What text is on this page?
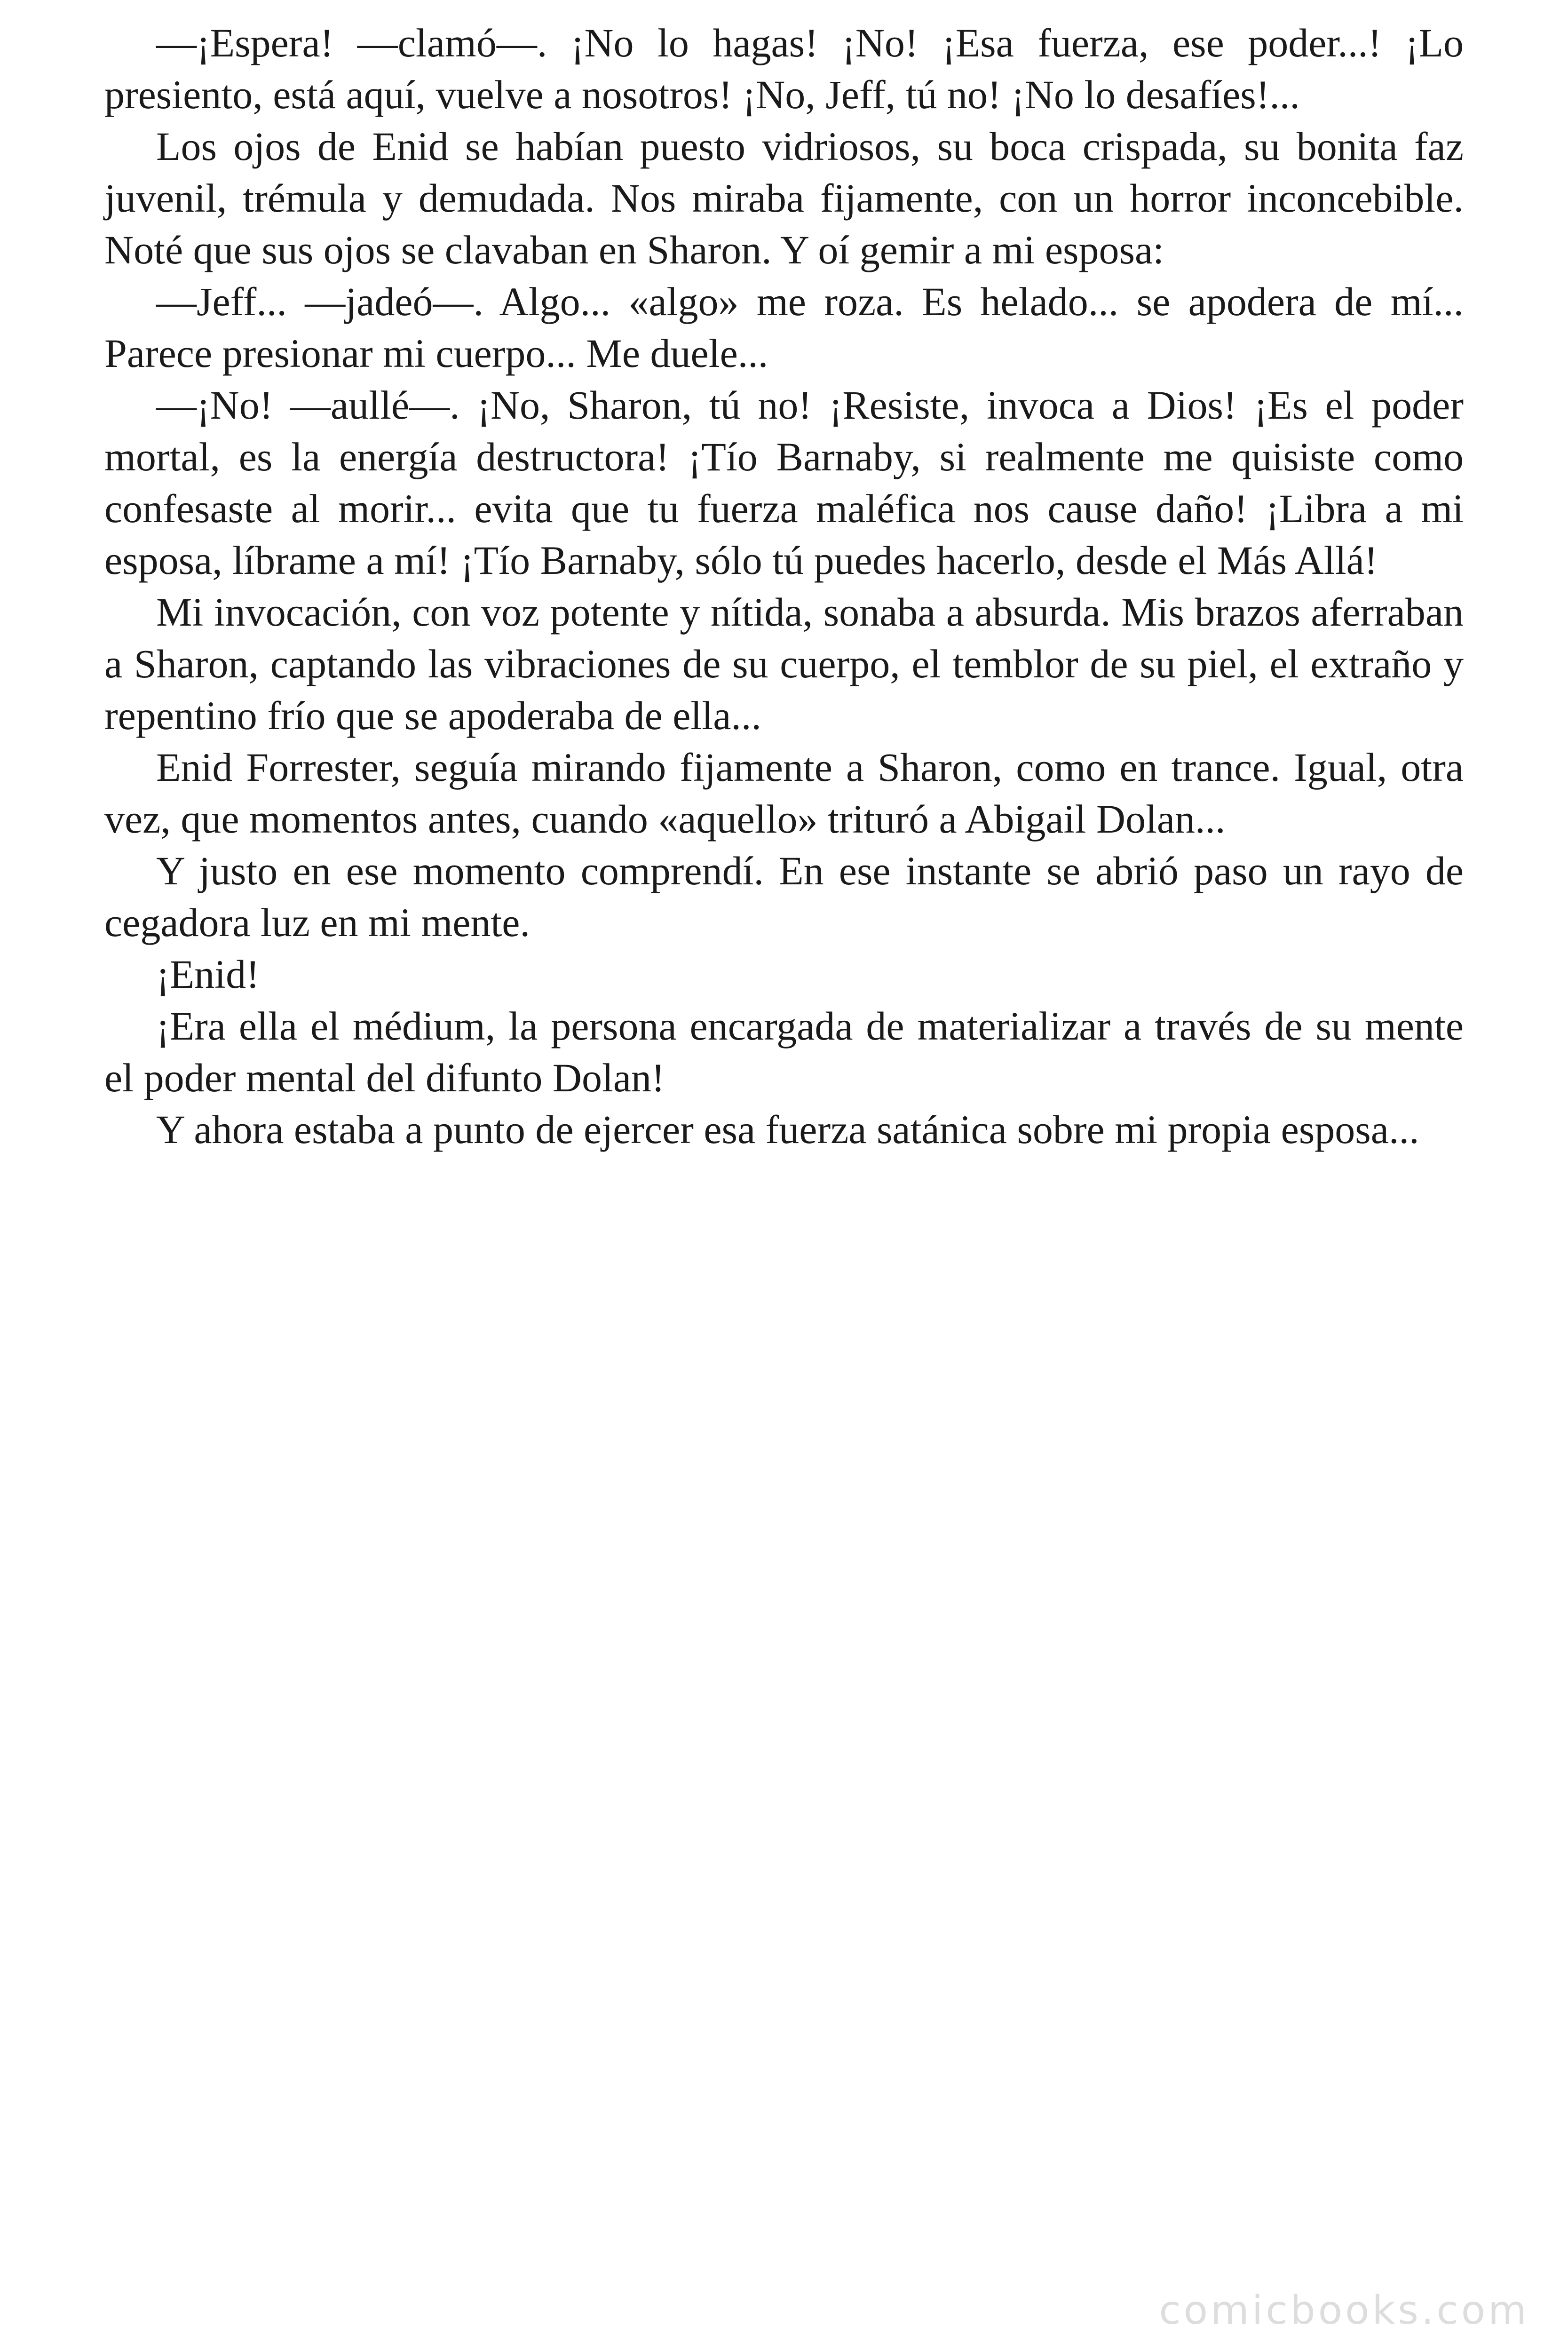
—¡Espera! —clamó—. ¡No lo hagas! ¡No! ¡Esa fuerza, ese poder...! ¡Lo presiento, está aquí, vuelve a nosotros! ¡No, Jeff, tú no! ¡No lo desafíes!...

Los ojos de Enid se habían puesto vidriosos, su boca crispada, su bonita faz juvenil, trémula y demudada. Nos miraba fijamente, con un horror inconcebible. Noté que sus ojos se clavaban en Sharon. Y oí gemir a mi esposa:

—Jeff... —jadeó—. Algo... «algo» me roza. Es helado... se apodera de mí... Parece presionar mi cuerpo... Me duele...

—¡No! —aullé—. ¡No, Sharon, tú no! ¡Resiste, invoca a Dios! ¡Es el poder mortal, es la energía destructora! ¡Tío Barnaby, si realmente me quisiste como confesaste al morir... evita que tu fuerza maléfica nos cause daño! ¡Libra a mi esposa, líbrame a mí! ¡Tío Barnaby, sólo tú puedes hacerlo, desde el Más Allá!

Mi invocación, con voz potente y nítida, sonaba a absurda. Mis brazos aferraban a Sharon, captando las vibraciones de su cuerpo, el temblor de su piel, el extraño y repentino frío que se apoderaba de ella...

Enid Forrester, seguía mirando fijamente a Sharon, como en trance. Igual, otra vez, que momentos antes, cuando «aquello» trituró a Abigail Dolan...

Y justo en ese momento comprendí. En ese instante se abrió paso un rayo de cegadora luz en mi mente.

¡Enid!

¡Era ella el médium, la persona encargada de materializar a través de su mente el poder mental del difunto Dolan!

Y ahora estaba a punto de ejercer esa fuerza satánica sobre mi propia esposa...

comicbooks.com
